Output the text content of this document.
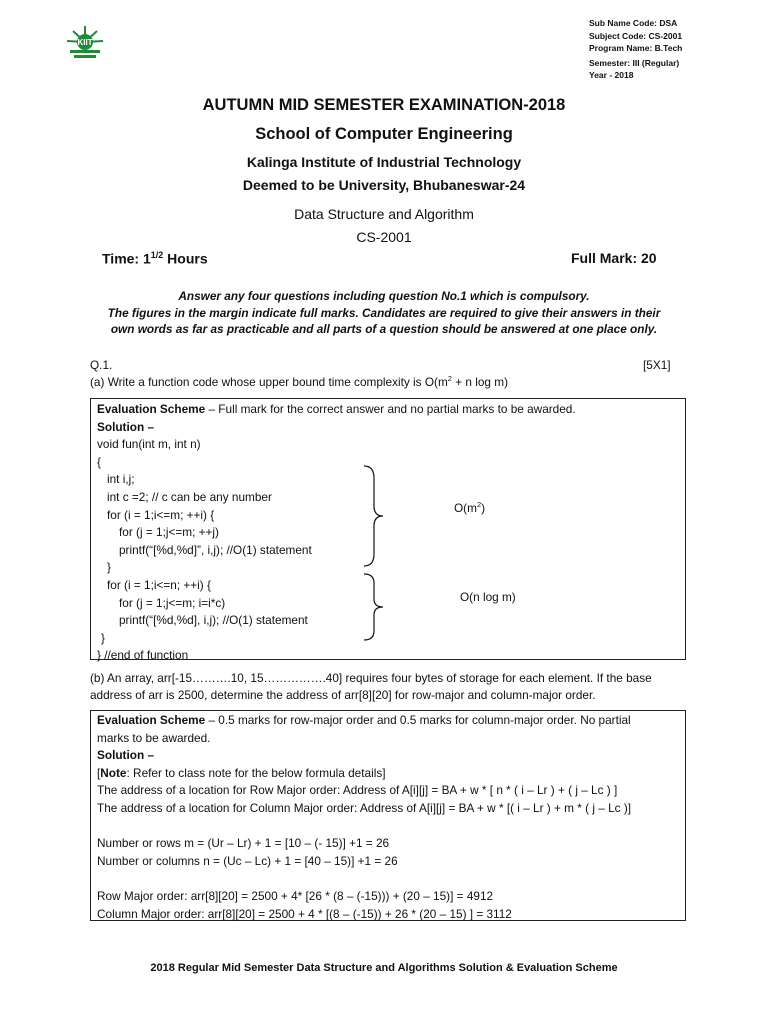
KIIT
Sub Name Code: DSA
Subject Code: CS-2001
Program Name: B.Tech
Semester: III (Regular)
Year - 2018
AUTUMN MID SEMESTER EXAMINATION-2018
School of Computer Engineering
Kalinga Institute of Industrial Technology
Deemed to be University, Bhubaneswar-24
Data Structure and Algorithm
CS-2001
Time: $1^{1/2}$ Hours	Full Mark: 20
Answer any four questions including question No.1 which is compulsory.
The figures in the margin indicate full marks. Candidates are required to give their answers in their
own words as far as practicable and all parts of a question should be answered at one place only.
Q.1.	[5X1]
(a) Write a function code whose upper bound time complexity is $O(m^2 + n$ log m)
Evaluation Scheme – Full mark for the correct answer and no partial marks to be awarded.
Solution –
void fun(int m, int n)
{
int i,j;
int c =2; // c can be any number
for (i = 1;i<=m; ++i) {
for (j = 1;j<=m; ++j)
printf(“[%d,%d]”, i,j); //O(1) statement
}
for (i = 1;i<=n; ++i) {
for (j = 1;j<=m; i=i*c)
printf(“[%d,%d], i,j); //O(1) statement
}
} //end of function
$O(m^2)$
O(n log m)
(b) An array, arr[-15……….10, 15…………….40] requires four bytes of storage for each element. If the base
address of arr is 2500, determine the address of arr[8][20] for row-major and column-major order.
Evaluation Scheme – 0.5 marks for row-major order and 0.5 marks for column-major order. No partial
marks to be awarded.
Solution –
[Note: Refer to class note for the below formula details]
The address of a location for Row Major order: Address of A[i][j] = BA + w * [ n * ( i – Lr ) + ( j – Lc ) ]
The address of a location for Column Major order: Address of A[i][j] = BA + w * [( i – Lr ) + m * ( j – Lc )]
Number or rows m = (Ur – Lr) + 1 = [10 – (- 15)] +1 = 26
Number or columns n = (Uc – Lc) + 1 = [40 – 15)] +1 = 26
Row Major order: arr[8][20] = 2500 + 4* [26 * (8 – (-15))) + (20 – 15)] = 4912
Column Major order: arr[8][20] = 2500 + 4 * [(8 – (-15)) + 26 * (20 – 15) ] = 3112
2018 Regular Mid Semester Data Structure and Algorithms Solution & Evaluation Scheme
